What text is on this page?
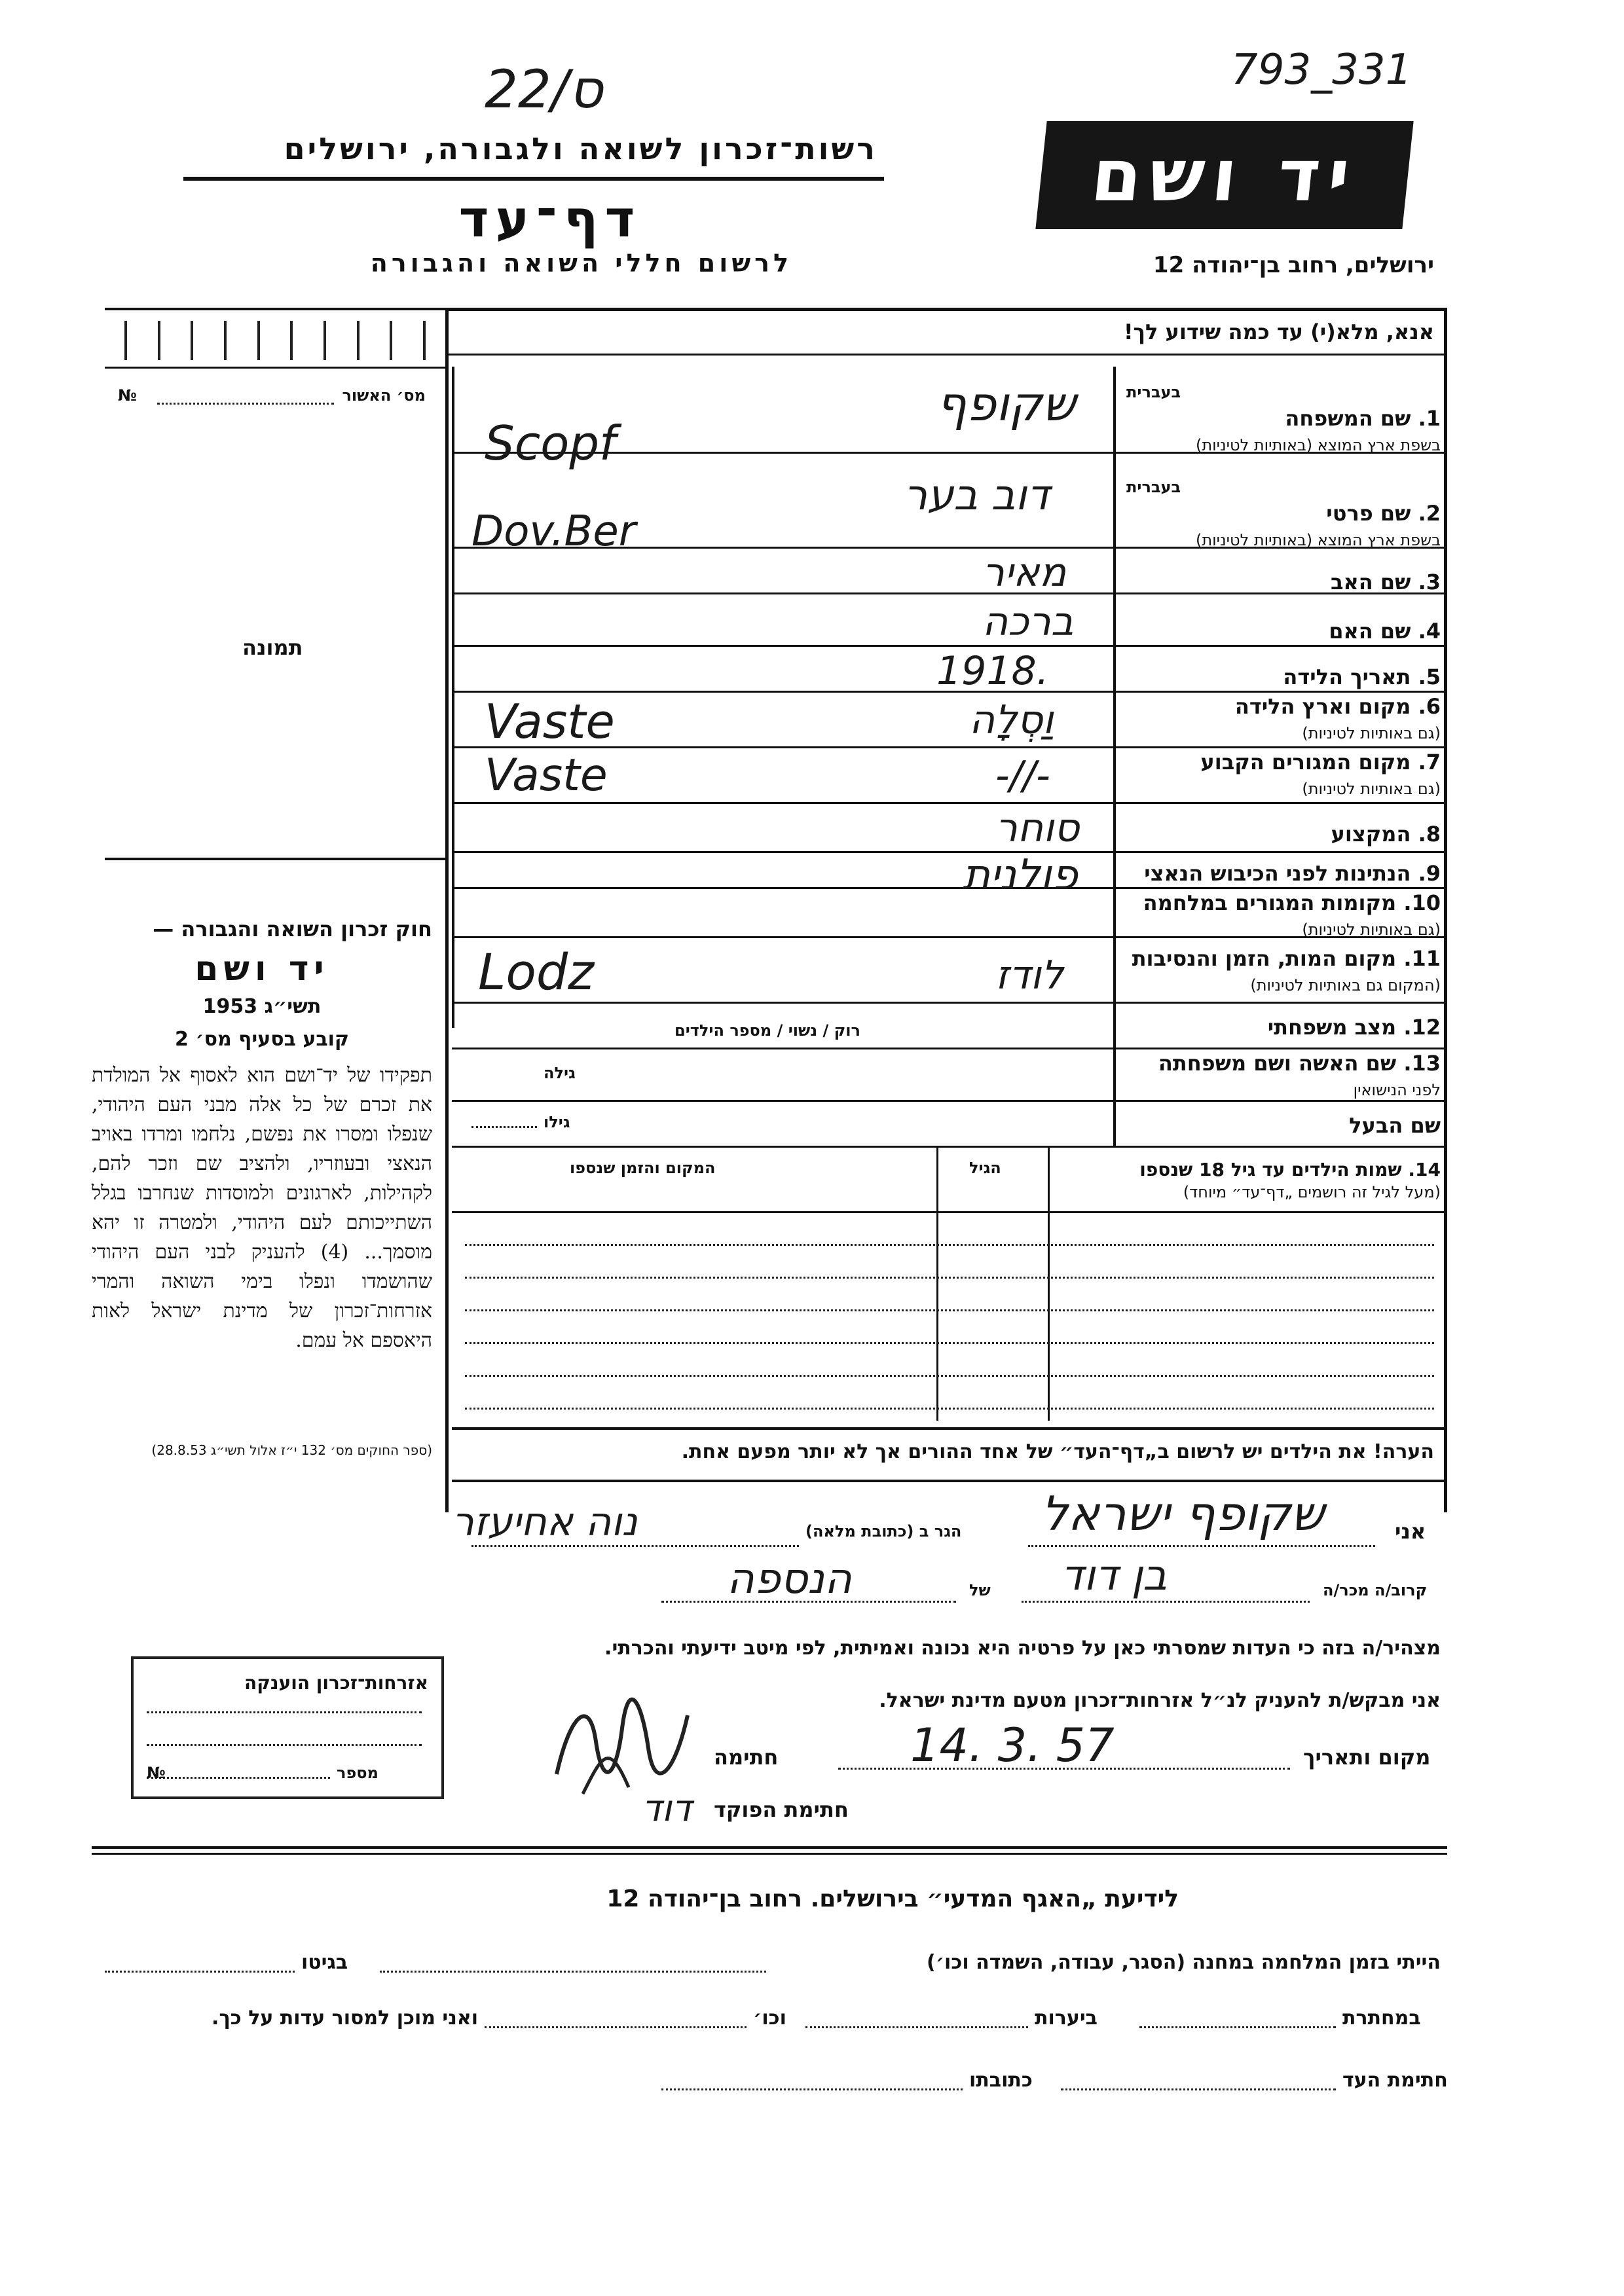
22/ס	793_331
רשות־זכרון לשואה ולגבורה, ירושלים
דף־עד
לרשום חללי השואה והגבורה
יד ושם
ירושלים, רחוב בן־יהודה 12
אנא, מלא(י) עד כמה שידוע לך!
מס׳ האשור
№
תמונה
בעברית
1. שם המשפחה
בשפת ארץ המוצא (באותיות לטיניות)
בעברית
2. שם פרטי
בשפת ארץ המוצא (באותיות לטיניות)
3. שם האב
4. שם האם
5. תאריך הלידה
6. מקום וארץ הלידה
(גם באותיות לטיניות)
7. מקום המגורים הקבוע
(גם באותיות לטיניות)
8. המקצוע
9. הנתינות לפני הכיבוש הנאצי
10. מקומות המגורים במלחמה
(גם באותיות לטיניות)
11. מקום המות, הזמן והנסיבות
(המקום גם באותיות לטיניות)
12. מצב משפחתי
13. שם האשה ושם משפחתה
לפני הנישואין
שם הבעל
שקופף
Scopf
דוב בער
Dov.Ber
מאיר
ברכה
1918.
וַסְלָה
Vaste
-//-
Vaste
סוחר
פולנית
לודז
Lodz
רוק / נשוי / מספר הילדים
גילה
גילו
14. שמות הילדים עד גיל 18 שנספו
(מעל לגיל זה רושמים „דף־עד״ מיוחד)
הגיל
המקום והזמן שנספו
הערה! את הילדים יש לרשום ב„דף־העד״ של אחד ההורים אך לא יותר מפעם אחת.
חוק זכרון השואה והגבורה —
יד ושם
תשי״ג 1953
קובע בסעיף מס׳ 2
תפקידו של יד־ושם הוא לאסוף אל המולדת את זכרם של כל אלה מבני העם היהודי, שנפלו ומסרו את נפשם, נלחמו ומרדו באויב הנאצי ובעוזריו, ולהציב שם וזכר להם, לקהילות, לארגונים ולמוסדות שנחרבו בגלל השתייכותם לעם היהודי, ולמטרה זו יהא מוסמך... (4) להעניק לבני העם היהודי שהושמדו ונפלו בימי השואה והמרי אזרחות־זכרון של מדינת ישראל לאות היאספם אל עמם.
(ספר החוקים מס׳ 132 י״ז אלול תשי״ג 28.8.53)
אני
שקופף ישראל
הגר ב (כתובת מלאה)
נוה אחיעזר
קרוב/ה מכר/ה
בן דוד
של
הנספה
מצהיר/ה בזה כי העדות שמסרתי כאן על פרטיה היא נכונה ואמיתית, לפי מיטב ידיעתי והכרתי.
אני מבקש/ת להעניק לנ״ל אזרחות־זכרון מטעם מדינת ישראל.
מקום ותאריך
14. 3. 57
חתימה
חתימת הפוקד
דוד
אזרחות־זכרון הוענקה
מספר
№
לידיעת „האגף המדעי״ בירושלים. רחוב בן־יהודה 12
הייתי בזמן המלחמה במחנה (הסגר, עבודה, השמדה וכו׳)
בגיטו
במחתרת
ביערות
וכו׳
ואני מוכן למסור עדות על כך.
חתימת העד
כתובתו
